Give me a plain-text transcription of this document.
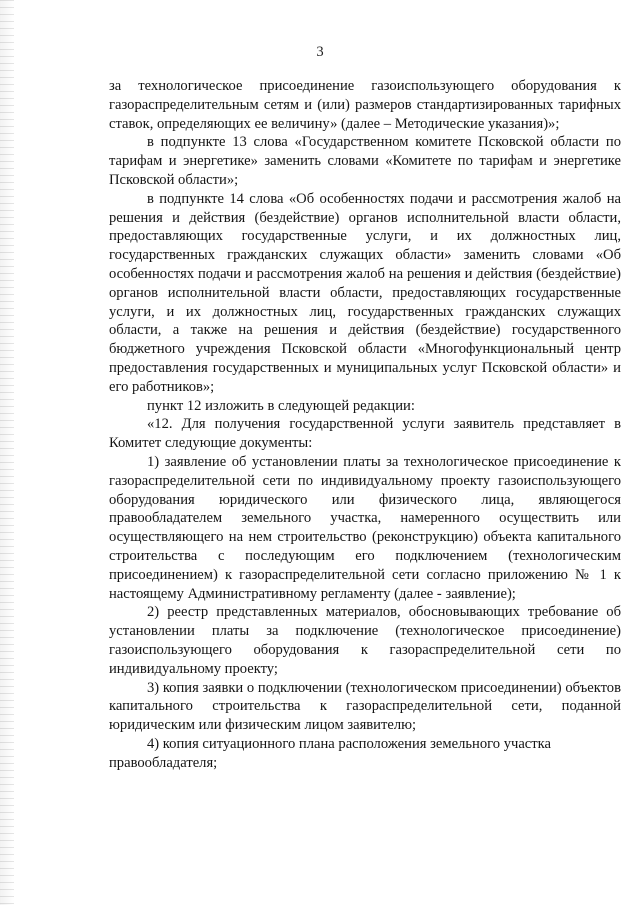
3

за технологическое присоединение газоиспользующего оборудования к газораспределительным сетям и (или) размеров стандартизированных тарифных ставок, определяющих ее величину» (далее – Методические указания)»;

в подпункте 13 слова «Государственном комитете Псковской области по тарифам и энергетике» заменить словами «Комитете по тарифам и энергетике Псковской области»;

в подпункте 14 слова «Об особенностях подачи и рассмотрения жалоб на решения и действия (бездействие) органов исполнительной власти области, предоставляющих государственные услуги, и их должностных лиц, государственных гражданских служащих области» заменить словами «Об особенностях подачи и рассмотрения жалоб на решения и действия (бездействие) органов исполнительной власти области, предоставляющих государственные услуги, и их должностных лиц, государственных гражданских служащих области, а также на решения и действия (бездействие) государственного бюджетного учреждения Псковской области «Многофункциональный центр предоставления государственных и муниципальных услуг Псковской области» и его работников»;

пункт 12 изложить в следующей редакции:

«12. Для получения государственной услуги заявитель представляет в Комитет следующие документы:

1) заявление об установлении платы за технологическое присоединение к газораспределительной сети по индивидуальному проекту газоиспользующего оборудования юридического или физического лица, являющегося правообладателем земельного участка, намеренного осуществить или осуществляющего на нем строительство (реконструкцию) объекта капитального строительства с последующим его подключением (технологическим присоединением) к газораспределительной сети согласно приложению № 1 к настоящему Административному регламенту (далее - заявление);

2) реестр представленных материалов, обосновывающих требование об установлении платы за подключение (технологическое присоединение) газоиспользующего оборудования к газораспределительной сети по индивидуальному проекту;

3) копия заявки о подключении (технологическом присоединении) объектов капитального строительства к газораспределительной сети, поданной юридическим или физическим лицом заявителю;

4) копия ситуационного плана расположения земельного участка правообладателя;
